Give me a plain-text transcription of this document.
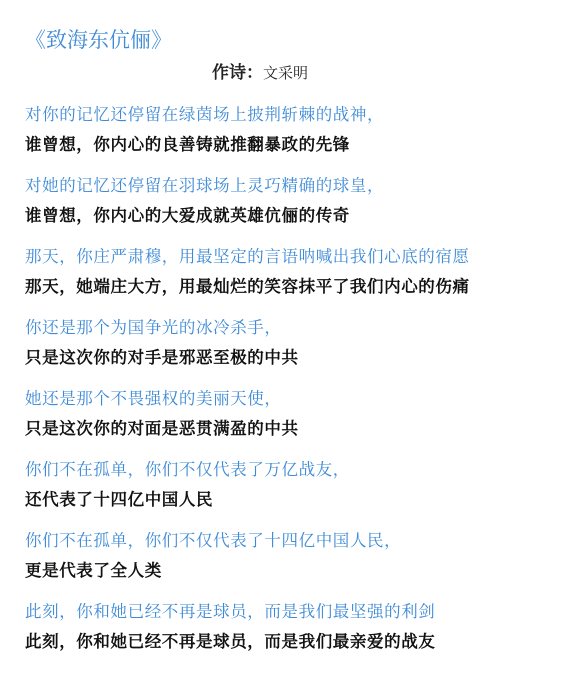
《致海东伉俪》
作诗：文采明
对你的记忆还停留在绿茵场上披荆斩棘的战神，
谁曾想，你内心的良善铸就推翻暴政的先锋
对她的记忆还停留在羽球场上灵巧精确的球皇，
谁曾想，你内心的大爱成就英雄伉俪的传奇
那天，你庄严肃穆，用最坚定的言语呐喊出我们心底的宿愿
那天，她端庄大方，用最灿烂的笑容抹平了我们内心的伤痛
你还是那个为国争光的冰冷杀手，
只是这次你的对手是邪恶至极的中共
她还是那个不畏强权的美丽天使，
只是这次你的对面是恶贯满盈的中共
你们不在孤单，你们不仅代表了万亿战友，
还代表了十四亿中国人民
你们不在孤单，你们不仅代表了十四亿中国人民，
更是代表了全人类
此刻，你和她已经不再是球员，而是我们最坚强的利剑
此刻，你和她已经不再是球员，而是我们最亲爱的战友
